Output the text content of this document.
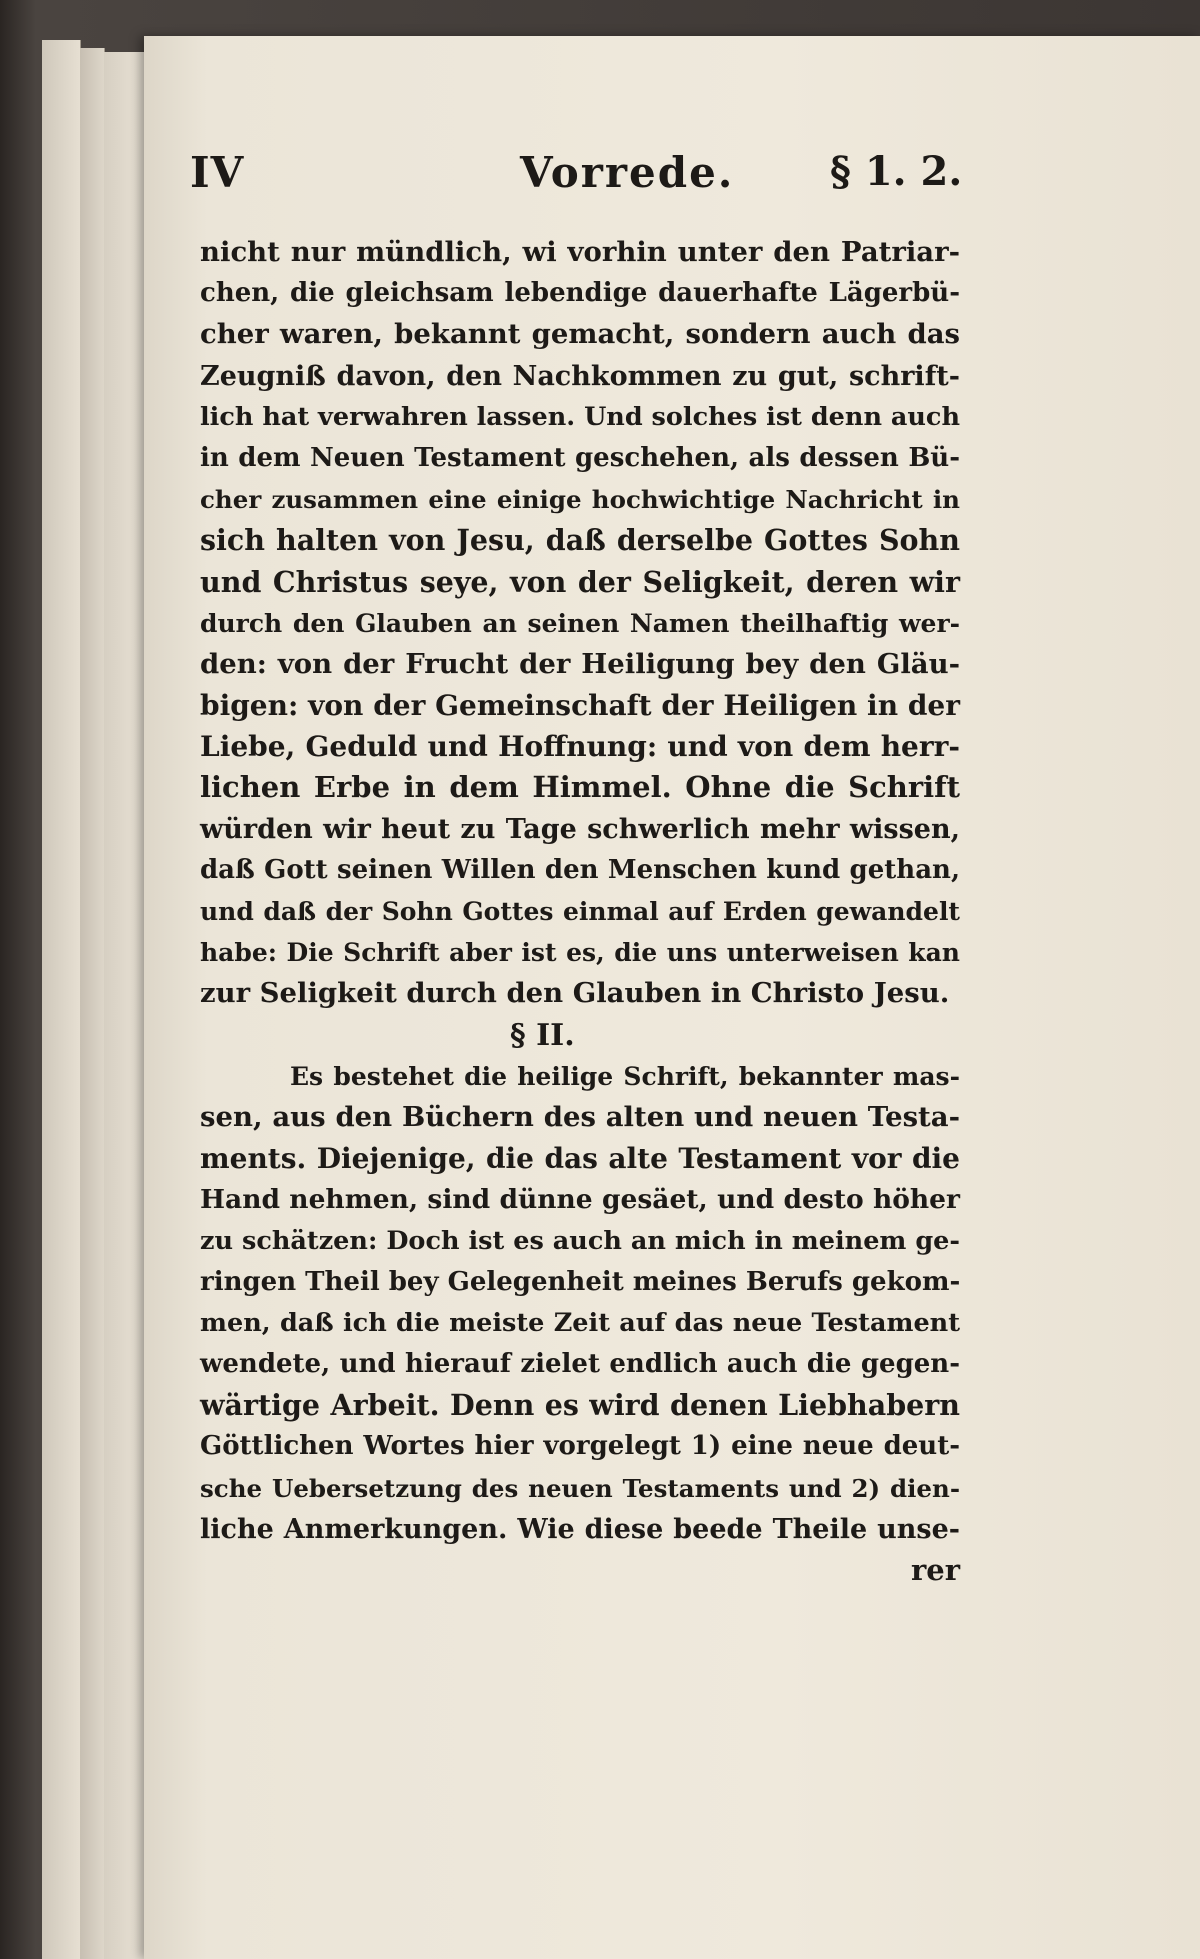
IV	Vorrede. § 1. 2.
nicht nur mündlich, wi vorhin unter den Patriar-
chen, die gleichsam lebendige dauerhafte Lägerbü-
cher waren, bekannt gemacht, sondern auch das
Zeugniß davon, den Nachkommen zu gut, schrift-
lich hat verwahren lassen. Und solches ist denn auch
in dem Neuen Testament geschehen, als dessen Bü-
cher zusammen eine einige hochwichtige Nachricht in
sich halten von Jesu, daß derselbe Gottes Sohn
und Christus seye, von der Seligkeit, deren wir
durch den Glauben an seinen Namen theilhaftig wer-
den: von der Frucht der Heiligung bey den Gläu-
bigen: von der Gemeinschaft der Heiligen in der
Liebe, Geduld und Hoffnung: und von dem herr-
lichen Erbe in dem Himmel. Ohne die Schrift
würden wir heut zu Tage schwerlich mehr wissen,
daß Gott seinen Willen den Menschen kund gethan,
und daß der Sohn Gottes einmal auf Erden gewandelt
habe: Die Schrift aber ist es, die uns unterweisen kan
zur Seligkeit durch den Glauben in Christo Jesu.
§ II.
Es bestehet die heilige Schrift, bekannter mas-
sen, aus den Büchern des alten und neuen Testa-
ments. Diejenige, die das alte Testament vor die
Hand nehmen, sind dünne gesäet, und desto höher
zu schätzen: Doch ist es auch an mich in meinem ge-
ringen Theil bey Gelegenheit meines Berufs gekom-
men, daß ich die meiste Zeit auf das neue Testament
wendete, und hierauf zielet endlich auch die gegen-
wärtige Arbeit. Denn es wird denen Liebhabern
Göttlichen Wortes hier vorgelegt 1) eine neue deut-
sche Uebersetzung des neuen Testaments und 2) dien-
liche Anmerkungen. Wie diese beede Theile unse-
rer
